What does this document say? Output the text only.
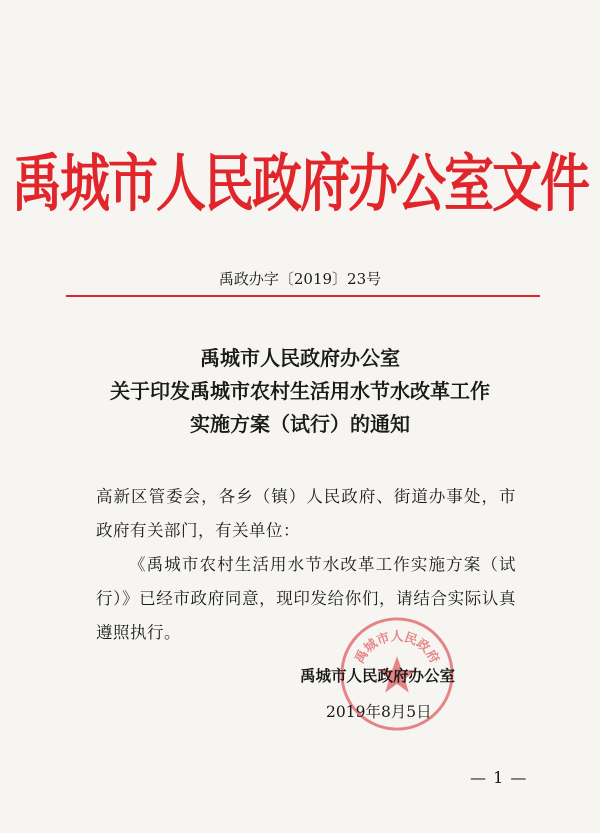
禹城市人民政府办公室文件
禹政办字〔2019〕23号
禹城市人民政府办公室
关于印发禹城市农村生活用水节水改革工作
实施方案（试行）的通知

高新区管委会，各乡（镇）人民政府、街道办事处，市政府有关部门，有关单位：

《禹城市农村生活用水节水改革工作实施方案（试行）》已经市政府同意，现印发给你们，请结合实际认真遵照执行。

禹城市人民政府
禹城市人民政府办公室
2019年8月5日
— 1 —
